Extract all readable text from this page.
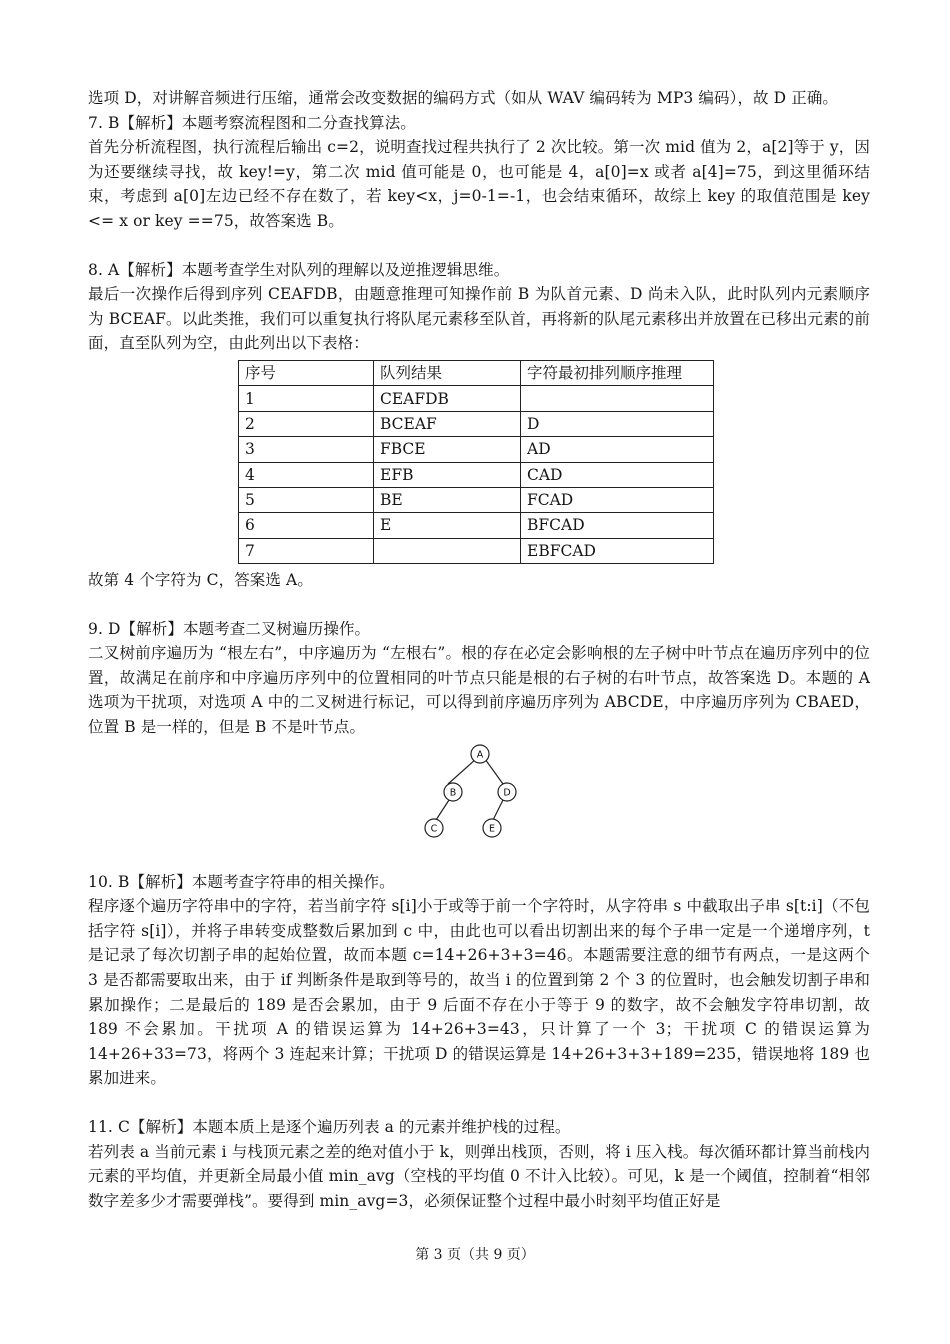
选项 D，对讲解音频进行压缩，通常会改变数据的编码方式（如从 WAV 编码转为 MP3 编码），故 D 正确。

7. B【解析】本题考察流程图和二分查找算法。

首先分析流程图，执行流程后输出 c=2，说明查找过程共执行了 2 次比较。第一次 mid 值为 2，a[2]等于 y，因为还要继续寻找，故 key!=y，第二次 mid 值可能是 0，也可能是 4，a[0]=x 或者 a[4]=75，到这里循环结束，考虑到 a[0]左边已经不存在数了，若 key<x，j=0-1=-1，也会结束循环，故综上 key 的取值范围是 key <= x or key ==75，故答案选 B。

8. A【解析】本题考查学生对队列的理解以及逆推逻辑思维。

最后一次操作后得到序列 CEAFDB，由题意推理可知操作前 B 为队首元素、D 尚未入队，此时队列内元素顺序为 BCEAF。以此类推，我们可以重复执行将队尾元素移至队首，再将新的队尾元素移出并放置在已移出元素的前面，直至队列为空，由此列出以下表格：

序号	队列结果	字符最初排列顺序推理
1	CEAFDB	
2	BCEAF	D
3	FBCE	AD
4	EFB	CAD
5	BE	FCAD
6	E	BFCAD
7		EBFCAD

故第 4 个字符为 C，答案选 A。

9. D【解析】本题考查二叉树遍历操作。

二叉树前序遍历为 “根左右”，中序遍历为 “左根右”。根的存在必定会影响根的左子树中叶节点在遍历序列中的位置，故满足在前序和中序遍历序列中的位置相同的叶节点只能是根的右子树的右叶节点，故答案选 D。本题的 A 选项为干扰项，对选项 A 中的二叉树进行标记，可以得到前序遍历序列为 ABCDE，中序遍历序列为 CBAED，位置 B 是一样的，但是 B 不是叶节点。

A
B	D
C	E

10. B【解析】本题考查字符串的相关操作。

程序逐个遍历字符串中的字符，若当前字符 s[i]小于或等于前一个字符时，从字符串 s 中截取出子串 s[t:i]（不包括字符 s[i]），并将子串转变成整数后累加到 c 中，由此也可以看出切割出来的每个子串一定是一个递增序列，t 是记录了每次切割子串的起始位置，故而本题 c=14+26+3+3=46。本题需要注意的细节有两点，一是这两个 3 是否都需要取出来，由于 if 判断条件是取到等号的，故当 i 的位置到第 2 个 3 的位置时，也会触发切割子串和累加操作；二是最后的 189 是否会累加，由于 9 后面不存在小于等于 9 的数字，故不会触发字符串切割，故 189 不会累加。干扰项 A 的错误运算为 14+26+3=43，只计算了一个 3；干扰项 C 的错误运算为 14+26+33=73，将两个 3 连起来计算；干扰项 D 的错误运算是 14+26+3+3+189=235，错误地将 189 也累加进来。

11. C【解析】本题本质上是逐个遍历列表 a 的元素并维护栈的过程。

若列表 a 当前元素 i 与栈顶元素之差的绝对值小于 k，则弹出栈顶，否则，将 i 压入栈。每次循环都计算当前栈内元素的平均值，并更新全局最小值 min_avg（空栈的平均值 0 不计入比较）。可见，k 是一个阈值，控制着“相邻数字差多少才需要弹栈”。要得到 min_avg=3，必须保证整个过程中最小时刻平均值正好是

第 3 页（共 9 页）
